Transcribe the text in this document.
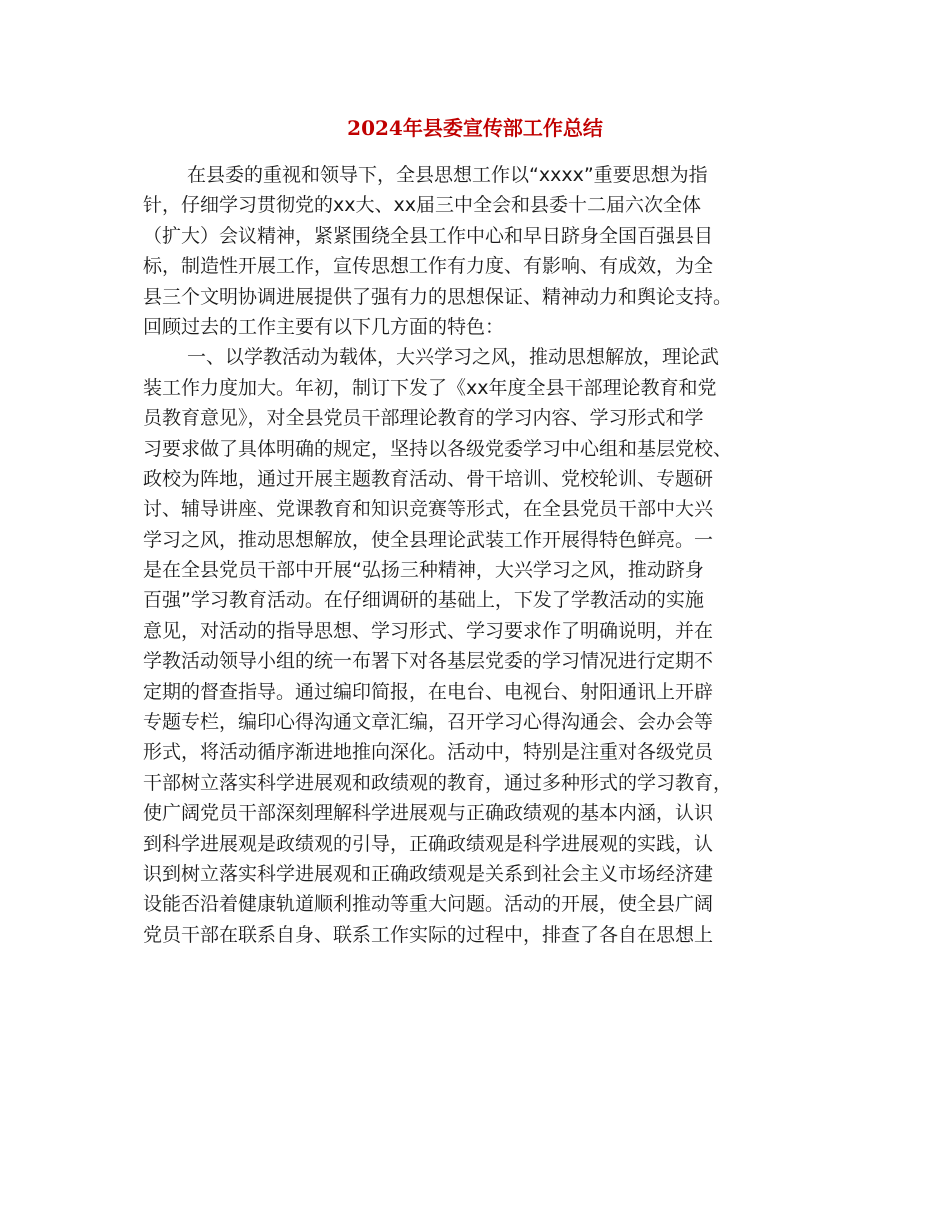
2024年县委宣传部工作总结
在县委的重视和领导下，全县思想工作以“xxxx”重要思想为指
针，仔细学习贯彻党的xx大、xx届三中全会和县委十二届六次全体
（扩大）会议精神，紧紧围绕全县工作中心和早日跻身全国百强县目
标，制造性开展工作，宣传思想工作有力度、有影响、有成效，为全
县三个文明协调进展提供了强有力的思想保证、精神动力和舆论支持。
回顾过去的工作主要有以下几方面的特色：
一、以学教活动为载体，大兴学习之风，推动思想解放，理论武
装工作力度加大。年初，制订下发了《xx年度全县干部理论教育和党
员教育意见》，对全县党员干部理论教育的学习内容、学习形式和学
习要求做了具体明确的规定，坚持以各级党委学习中心组和基层党校、
政校为阵地，通过开展主题教育活动、骨干培训、党校轮训、专题研
讨、辅导讲座、党课教育和知识竞赛等形式，在全县党员干部中大兴
学习之风，推动思想解放，使全县理论武装工作开展得特色鲜亮。一
是在全县党员干部中开展“弘扬三种精神，大兴学习之风，推动跻身
百强”学习教育活动。在仔细调研的基础上，下发了学教活动的实施
意见，对活动的指导思想、学习形式、学习要求作了明确说明，并在
学教活动领导小组的统一布署下对各基层党委的学习情况进行定期不
定期的督查指导。通过编印简报，在电台、电视台、射阳通讯上开辟
专题专栏，编印心得沟通文章汇编，召开学习心得沟通会、会办会等
形式，将活动循序渐进地推向深化。活动中，特别是注重对各级党员
干部树立落实科学进展观和政绩观的教育，通过多种形式的学习教育，
使广阔党员干部深刻理解科学进展观与正确政绩观的基本内涵，认识
到科学进展观是政绩观的引导，正确政绩观是科学进展观的实践，认
识到树立落实科学进展观和正确政绩观是关系到社会主义市场经济建
设能否沿着健康轨道顺利推动等重大问题。活动的开展，使全县广阔
党员干部在联系自身、联系工作实际的过程中，排查了各自在思想上
